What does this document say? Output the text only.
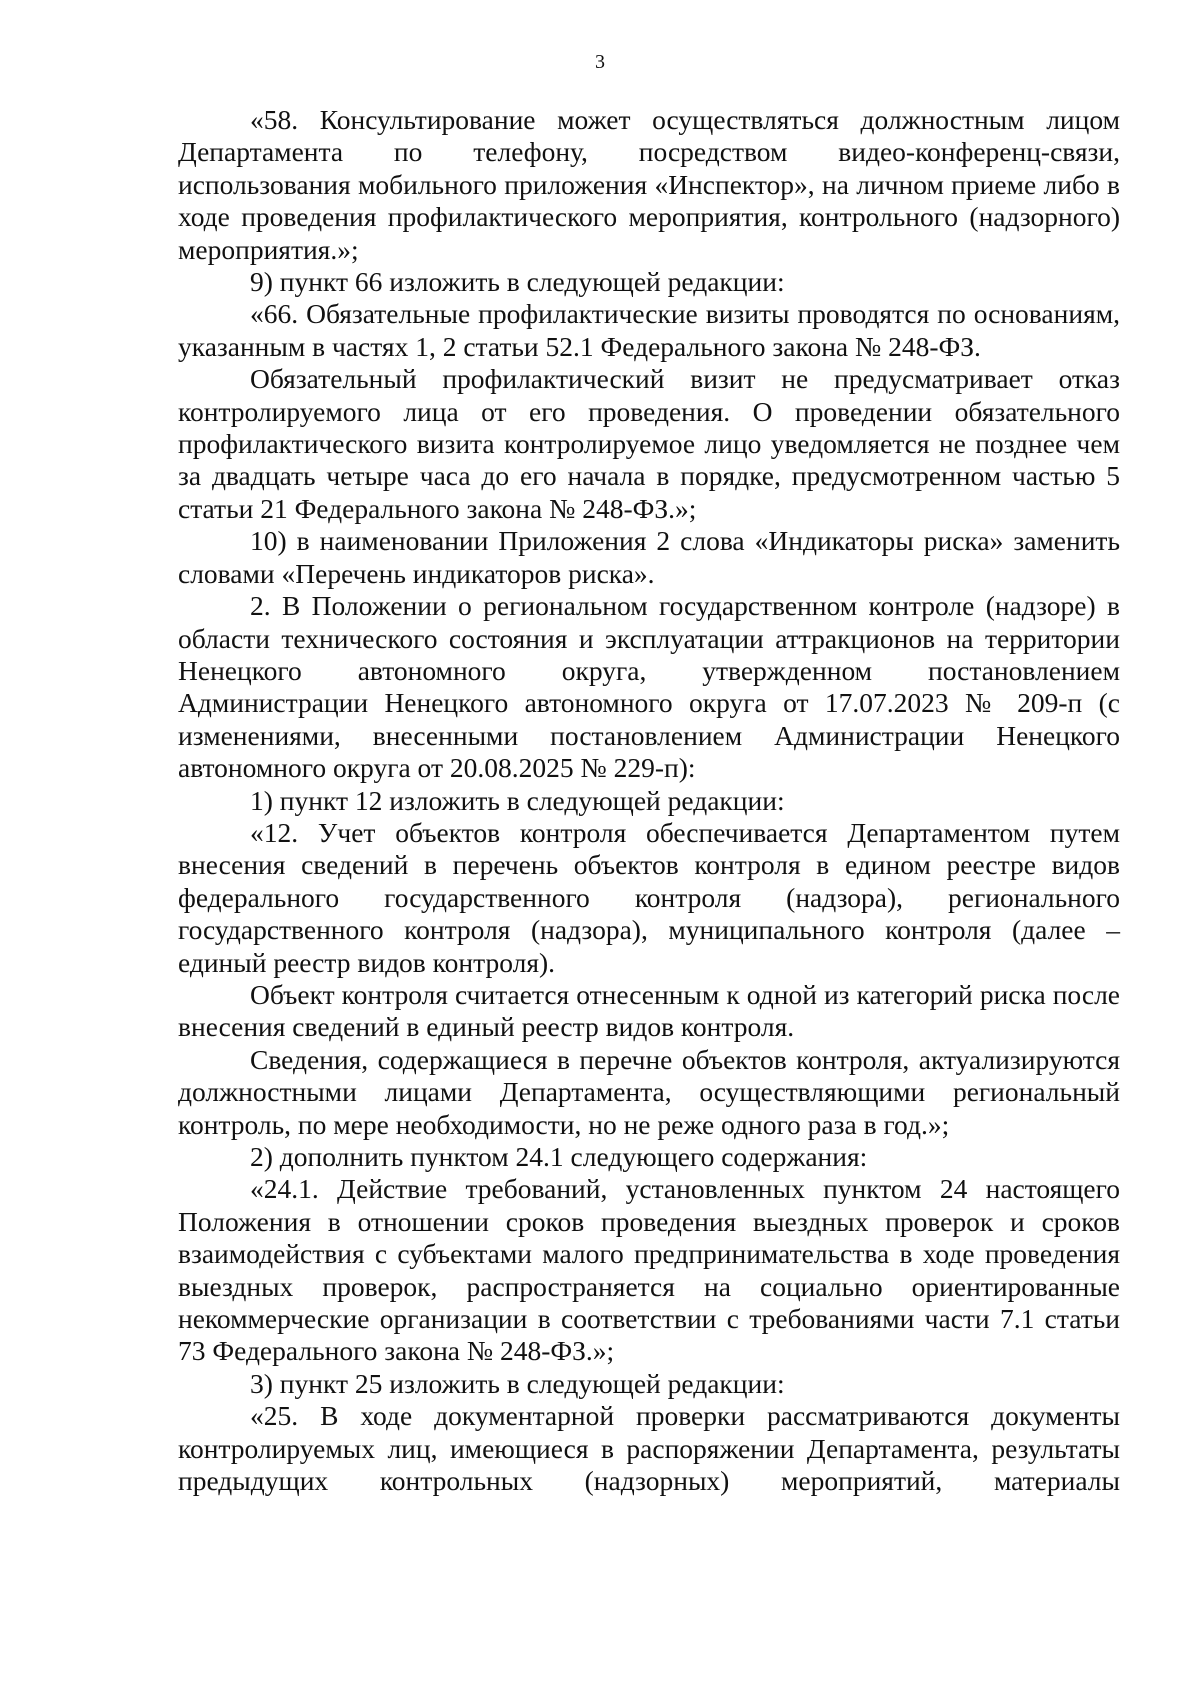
3

«58. Консультирование может осуществляться должностным лицом Департамента по телефону, посредством видео-конференц-связи, использования мобильного приложения «Инспектор», на личном приеме либо в ходе проведения профилактического мероприятия, контрольного (надзорного) мероприятия.»;

9) пункт 66 изложить в следующей редакции:

«66. Обязательные профилактические визиты проводятся по основаниям, указанным в частях 1, 2 статьи 52.1 Федерального закона № 248-ФЗ.

Обязательный профилактический визит не предусматривает отказ контролируемого лица от его проведения. О проведении обязательного профилактического визита контролируемое лицо уведомляется не позднее чем за двадцать четыре часа до его начала в порядке, предусмотренном частью 5 статьи 21 Федерального закона № 248-ФЗ.»;

10) в наименовании Приложения 2 слова «Индикаторы риска» заменить словами «Перечень индикаторов риска».

2. В Положении о региональном государственном контроле (надзоре) в области технического состояния и эксплуатации аттракционов на территории Ненецкого автономного округа, утвержденном постановлением Администрации Ненецкого автономного округа от 17.07.2023 № 209-п (с изменениями, внесенными постановлением Администрации Ненецкого автономного округа от 20.08.2025 № 229-п):

1) пункт 12 изложить в следующей редакции:

«12. Учет объектов контроля обеспечивается Департаментом путем внесения сведений в перечень объектов контроля в едином реестре видов федерального государственного контроля (надзора), регионального государственного контроля (надзора), муниципального контроля (далее – единый реестр видов контроля).

Объект контроля считается отнесенным к одной из категорий риска после внесения сведений в единый реестр видов контроля.

Сведения, содержащиеся в перечне объектов контроля, актуализируются должностными лицами Департамента, осуществляющими региональный контроль, по мере необходимости, но не реже одного раза в год.»;

2) дополнить пунктом 24.1 следующего содержания:

«24.1. Действие требований, установленных пунктом 24 настоящего Положения в отношении сроков проведения выездных проверок и сроков взаимодействия с субъектами малого предпринимательства в ходе проведения выездных проверок, распространяется на социально ориентированные некоммерческие организации в соответствии с требованиями части 7.1 статьи 73 Федерального закона № 248-ФЗ.»;

3) пункт 25 изложить в следующей редакции:

«25. В ходе документарной проверки рассматриваются документы контролируемых лиц, имеющиеся в распоряжении Департамента, результаты предыдущих контрольных (надзорных) мероприятий, материалы
